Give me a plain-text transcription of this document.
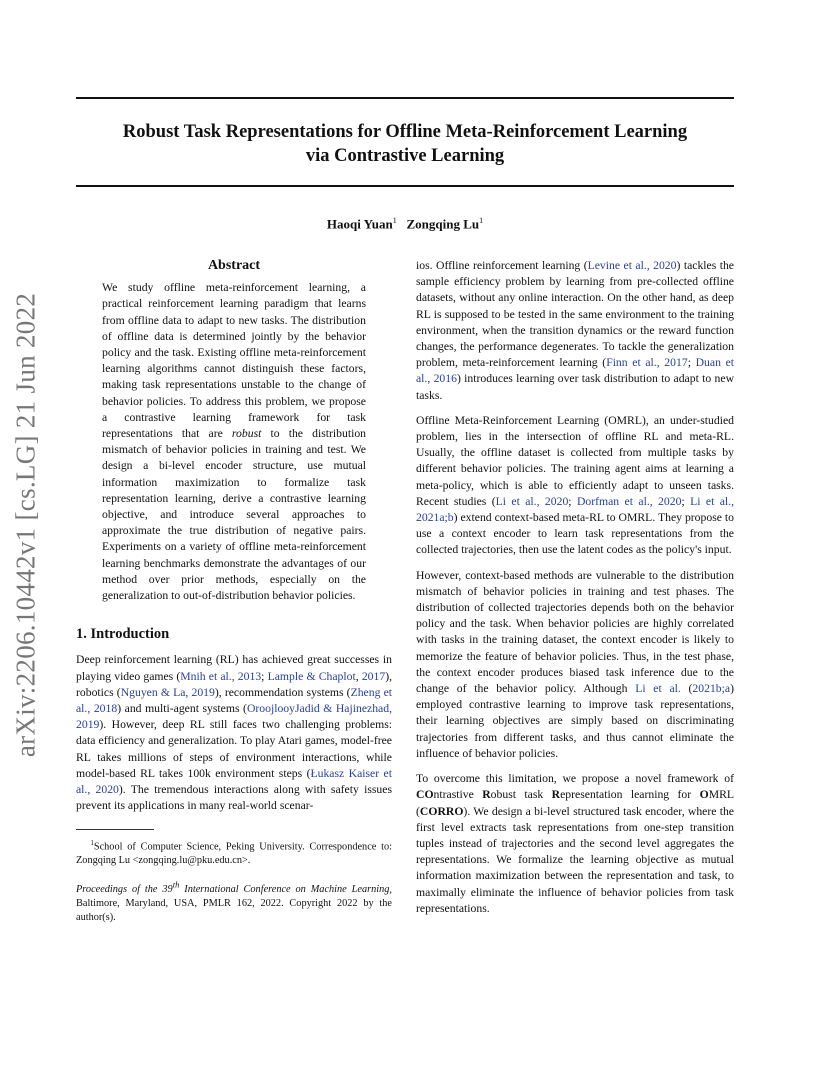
arXiv:2206.10442v1 [cs.LG] 21 Jun 2022
Robust Task Representations for Offline Meta-Reinforcement Learning
via Contrastive Learning
Haoqi Yuan$^1$ Zongqing Lu$^1$
Abstract

We study offline meta-reinforcement learning, a practical reinforcement learning paradigm that learns from offline data to adapt to new tasks. The distribution of offline data is determined jointly by the behavior policy and the task. Existing offline meta-reinforcement learning algorithms cannot distinguish these factors, making task representations unstable to the change of behavior policies. To address this problem, we propose a contrastive learning framework for task representations that are robust to the distribution mismatch of behavior policies in training and test. We design a bi-level encoder structure, use mutual information maximization to formalize task representation learning, derive a contrastive learning objective, and introduce several approaches to approximate the true distribution of negative pairs. Experiments on a variety of offline meta-reinforcement learning benchmarks demonstrate the advantages of our method over prior methods, especially on the generalization to out-of-distribution behavior policies.

1. Introduction

Deep reinforcement learning (RL) has achieved great successes in playing video games (Mnih et al., 2013; Lample & Chaplot, 2017), robotics (Nguyen & La, 2019), recommendation systems (Zheng et al., 2018) and multi-agent systems (OroojlooyJadid & Hajinezhad, 2019). However, deep RL still faces two challenging problems: data efficiency and generalization. To play Atari games, model-free RL takes millions of steps of environment interactions, while model-based RL takes 100k environment steps (Łukasz Kaiser et al., 2020). The tremendous interactions along with safety issues prevent its applications in many real-world scenar-

$^1$School of Computer Science, Peking University. Correspondence to: Zongqing Lu <zongqing.lu@pku.edu.cn>.

Proceedings of the 39th International Conference on Machine Learning, Baltimore, Maryland, USA, PMLR 162, 2022. Copyright 2022 by the author(s).

ios. Offline reinforcement learning (Levine et al., 2020) tackles the sample efficiency problem by learning from pre-collected offline datasets, without any online interaction. On the other hand, as deep RL is supposed to be tested in the same environment to the training environment, when the transition dynamics or the reward function changes, the performance degenerates. To tackle the generalization problem, meta-reinforcement learning (Finn et al., 2017; Duan et al., 2016) introduces learning over task distribution to adapt to new tasks.

Offline Meta-Reinforcement Learning (OMRL), an under-studied problem, lies in the intersection of offline RL and meta-RL. Usually, the offline dataset is collected from multiple tasks by different behavior policies. The training agent aims at learning a meta-policy, which is able to efficiently adapt to unseen tasks. Recent studies (Li et al., 2020; Dorfman et al., 2020; Li et al., 2021a;b) extend context-based meta-RL to OMRL. They propose to use a context encoder to learn task representations from the collected trajectories, then use the latent codes as the policy's input.

However, context-based methods are vulnerable to the distribution mismatch of behavior policies in training and test phases. The distribution of collected trajectories depends both on the behavior policy and the task. When behavior policies are highly correlated with tasks in the training dataset, the context encoder is likely to memorize the feature of behavior policies. Thus, in the test phase, the context encoder produces biased task inference due to the change of the behavior policy. Although Li et al. (2021b;a) employed contrastive learning to improve task representations, their learning objectives are simply based on discriminating trajectories from different tasks, and thus cannot eliminate the influence of behavior policies.

To overcome this limitation, we propose a novel framework of COntrastive Robust task Representation learning for OMRL (CORRO). We design a bi-level structured task encoder, where the first level extracts task representations from one-step transition tuples instead of trajectories and the second level aggregates the representations. We formalize the learning objective as mutual information maximization between the representation and task, to maximally eliminate the influence of behavior policies from task representations.
